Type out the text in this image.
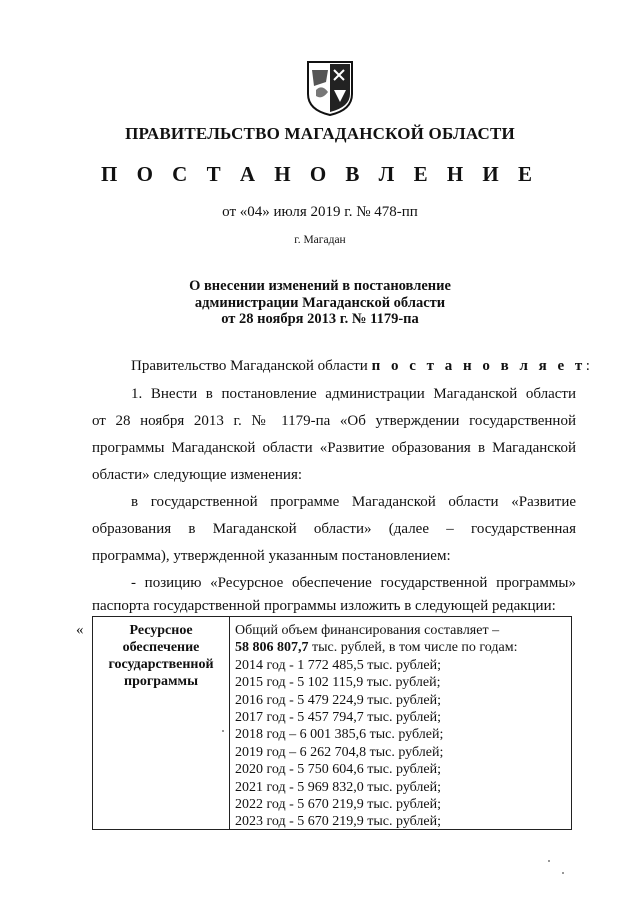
ПРАВИТЕЛЬСТВО МАГАДАНСКОЙ ОБЛАСТИ
П О С Т А Н О В Л Е Н И Е
от «04» июля 2019 г. № 478-пп
г. Магадан
О внесении изменений в постановление
администрации Магаданской области
от 28 ноября 2013 г. № 1179-па
Правительство Магаданской области п о с т а н о в л я е т:
1. Внести в постановление администрации Магаданской области
от 28 ноября 2013 г. № 1179-па «Об утверждении государственной
программы Магаданской области «Развитие образования в Магаданской
области» следующие изменения:
в государственной программе Магаданской области «Развитие
образования в Магаданской области» (далее – государственная
программа), утвержденной указанным постановлением:
- позицию «Ресурсное обеспечение государственной программы»
паспорта государственной программы изложить в следующей редакции:
«	Ресурсное
обеспечение
государственной
программы
Общий объем финансирования составляет –
58 806 807,7 тыс. рублей, в том числе по годам:
2014 год - 1 772 485,5 тыс. рублей;
2015 год - 5 102 115,9 тыс. рублей;
2016 год - 5 479 224,9 тыс. рублей;
2017 год - 5 457 794,7 тыс. рублей;
2018 год – 6 001 385,6 тыс. рублей;
2019 год – 6 262 704,8 тыс. рублей;
2020 год - 5 750 604,6 тыс. рублей;
2021 год - 5 969 832,0 тыс. рублей;
2022 год - 5 670 219,9 тыс. рублей;
2023 год - 5 670 219,9 тыс. рублей;
